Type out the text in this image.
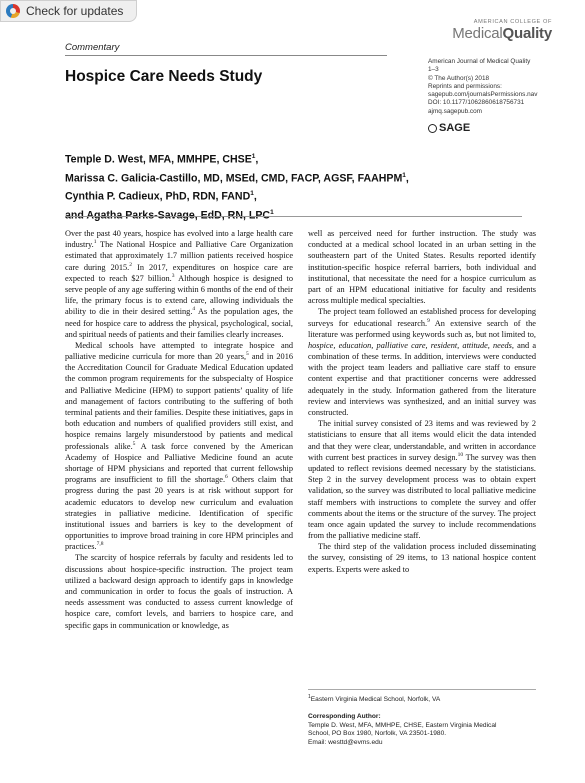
Check for updates
Commentary
AMERICAN COLLEGE OF
MedicalQuality
American Journal of Medical Quality
1–3
© The Author(s) 2018
Reprints and permissions:
sagepub.com/journalsPermissions.nav
DOI: 10.1177/1062860618756731
ajmq.sagepub.com
SAGE
Hospice Care Needs Study
Temple D. West, MFA, MMHPE, CHSE$^1$,
Marissa C. Galicia-Castillo, MD, MSEd, CMD, FACP, AGSF, FAAHPM$^1$,
Cynthia P. Cadieux, PhD, RDN, FAND$^1$,
$^1$

Over the past 40 years, hospice has evolved into a large health care industry.$^1$ The National Hospice and Palliative Care Organization estimated that approximately 1.7 million patients received hospice care during 2015.$^2$ In 2017, expenditures on hospice care are expected to reach $27 billion.$^3$ Although hospice is designed to serve people of any age suffering within 6 months of the end of their life, the primary focus is to extend care, allowing individuals the ability to die in their desired setting.$^4$ As the population ages, the need for hospice care to address the physical, psychological, social, and spiritual needs of patients and their families clearly increases.

Medical schools have attempted to integrate hospice and palliative medicine curricula for more than 20 years,$^5$ and in 2016 the Accreditation Council for Graduate Medical Education updated the common program requirements for the subspecialty of Hospice and Palliative Medicine (HPM) to support patients’ quality of life and management of factors contributing to the suffering of both terminal patients and their families. Despite these initiatives, gaps in both education and numbers of qualified providers still exist, and hospice remains largely misunderstood by patients and medical professionals alike.$^5$ A task force convened by the American Academy of Hospice and Palliative Medicine found an acute shortage of HPM physicians and reported that current fellowship programs are insufficient to fill the shortage.$^6$ Others claim that progress during the past 20 years is at risk without support for academic educators to develop new curriculum and evaluation strategies in palliative medicine. Identification of specific institutional issues and barriers is key to the development of opportunities to improve broad training in core HPM principles and practices.$^{7,8}$

The scarcity of hospice referrals by faculty and residents led to discussions about hospice-specific instruction. The project team utilized a backward design approach to identify gaps in knowledge and communication in order to focus the goals of instruction. A needs assessment was conducted to assess current knowledge of hospice care, comfort levels, and barriers to hospice care, and specific gaps in communication or knowledge, as

well as perceived need for further instruction. The study was conducted at a medical school located in an urban setting in the southeastern part of the United States. Results reported identify institution-specific hospice referral barriers, both individual and institutional, that necessitate the need for a hospice curriculum as part of an HPM educational initiative for faculty and residents across multiple medical specialties.

The project team followed an established process for developing surveys for educational research.$^9$ An extensive search of the literature was performed using keywords such as, but not limited to, hospice, education, palliative care, resident, attitude, needs, and a combination of these terms. In addition, interviews were conducted with the project team leaders and palliative care staff to ensure content expertise and that practitioner concerns were addressed adequately in the study. Information gathered from the literature review and interviews was synthesized, and an initial survey was constructed.

The initial survey consisted of 23 items and was reviewed by 2 statisticians to ensure that all items would elicit the data intended and that they were clear, understandable, and written in accordance with current best practices in survey design.$^{10}$ The survey was then updated to reflect revisions deemed necessary by the statisticians. Step 2 in the survey development process was to obtain expert validation, so the survey was distributed to local palliative medicine staff members with instructions to complete the survey and offer comments about the items or the structure of the survey. The project team once again updated the survey to include recommendations from the palliative medicine staff.

The third step of the validation process included disseminating the survey, consisting of 29 items, to 13 national hospice content experts. Experts were asked to

$^1$Eastern Virginia Medical School, Norfolk, VA
Corresponding Author:
Temple D. West, MFA, MMHPE, CHSE, Eastern Virginia Medical
School, PO Box 1980, Norfolk, VA 23501-1980.
Email: westtd@evms.edu
